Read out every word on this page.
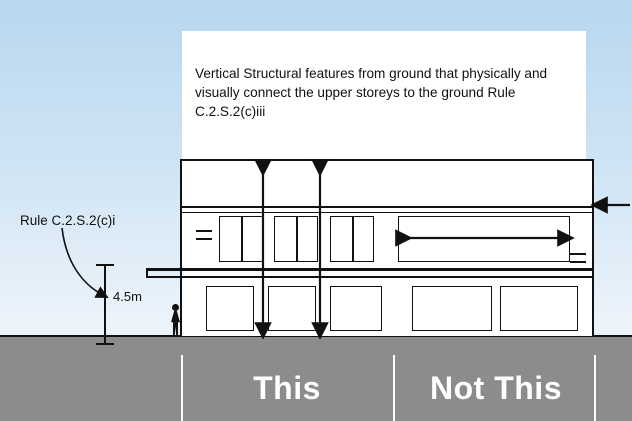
4.5m
Rule C.2.S.2(c)i

Vertical Structural features from ground that physically and visually connect the upper storeys to the ground Rule C.2.S.2(c)iii

This	Not This
